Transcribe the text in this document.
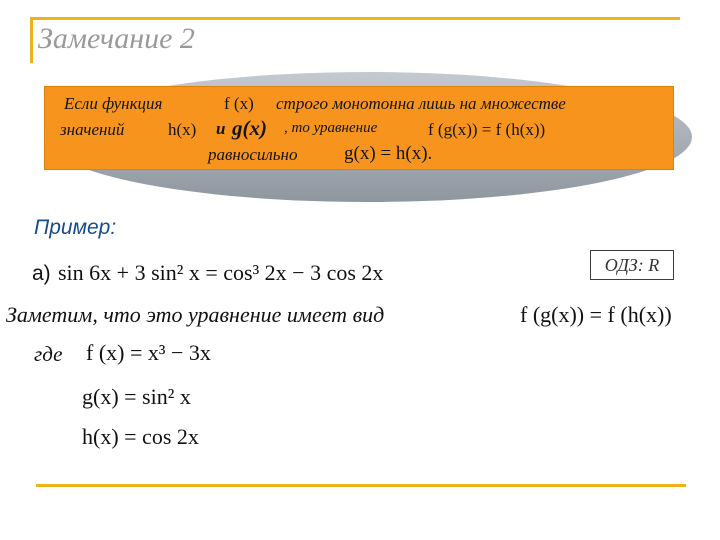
Замечание 2
Если функция	f (x) строго монотонна лишь на множестве
значений	h(x) и g(x) , то уравнение	f (g(x)) = f (h(x))
равносильно g(x) = h(x).
Пример:
ОДЗ: R
а) sin 6x + 3 sin² x = cos³ 2x − 3 cos 2x
Заметим, что это уравнение имеет вид	f (g(x)) = f (h(x))
где f (x) = x³ − 3x
g(x) = sin² x
h(x) = cos 2x
